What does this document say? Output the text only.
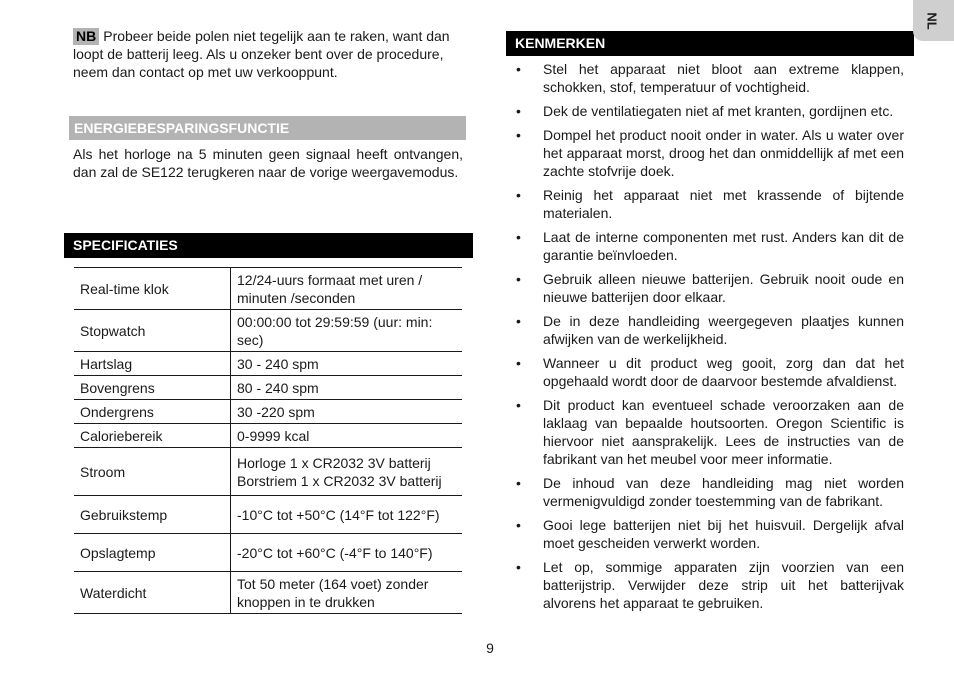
NB Probeer beide polen niet tegelijk aan te raken, want dan loopt de batterij leeg. Als u onzeker bent over de procedure, neem dan contact op met uw verkooppunt.
ENERGIEBESPARINGSFUNCTIE
Als het horloge na 5 minuten geen signaal heeft ontvangen, dan zal de SE122 terugkeren naar de vorige weergavemodus.
SPECIFICATIES
Real-time klok	12/24-uurs formaat met uren / minuten /seconden
Stopwatch	00:00:00 tot 29:59:59 (uur: min: sec)
Hartslag	30 - 240 spm
Bovengrens	80 - 240 spm
Ondergrens	30 -220 spm
Caloriebereik	0-9999 kcal
Stroom	Horloge 1 x CR2032 3V batterij Borstriem 1 x CR2032 3V batterij
Gebruikstemp	-10°C tot +50°C (14°F tot 122°F)
Opslagtemp	-20°C tot +60°C (-4°F to 140°F)
Waterdicht	Tot 50 meter (164 voet) zonder knoppen in te drukken
KENMERKEN
• Stel het apparaat niet bloot aan extreme klappen, schokken, stof, temperatuur of vochtigheid.
• Dek de ventilatiegaten niet af met kranten, gordijnen etc.
• Dompel het product nooit onder in water. Als u water over het apparaat morst, droog het dan onmiddellijk af met een zachte stofvrije doek.
• Reinig het apparaat niet met krassende of bijtende materialen.
• Laat de interne componenten met rust. Anders kan dit de garantie beïnvloeden.
• Gebruik alleen nieuwe batterijen. Gebruik nooit oude en nieuwe batterijen door elkaar.
• De in deze handleiding weergegeven plaatjes kunnen afwijken van de werkelijkheid.
• Wanneer u dit product weg gooit, zorg dan dat het opgehaald wordt door de daarvoor bestemde afvaldienst.
• Dit product kan eventueel schade veroorzaken aan de laklaag van bepaalde houtsoorten. Oregon Scientific is hiervoor niet aansprakelijk. Lees de instructies van de fabrikant van het meubel voor meer informatie.
• De inhoud van deze handleiding mag niet worden vermenigvuldigd zonder toestemming van de fabrikant.
• Gooi lege batterijen niet bij het huisvuil. Dergelijk afval moet gescheiden verwerkt worden.
• Let op, sommige apparaten zijn voorzien van een batterijstrip. Verwijder deze strip uit het batterijvak alvorens het apparaat te gebruiken.
9
NL
